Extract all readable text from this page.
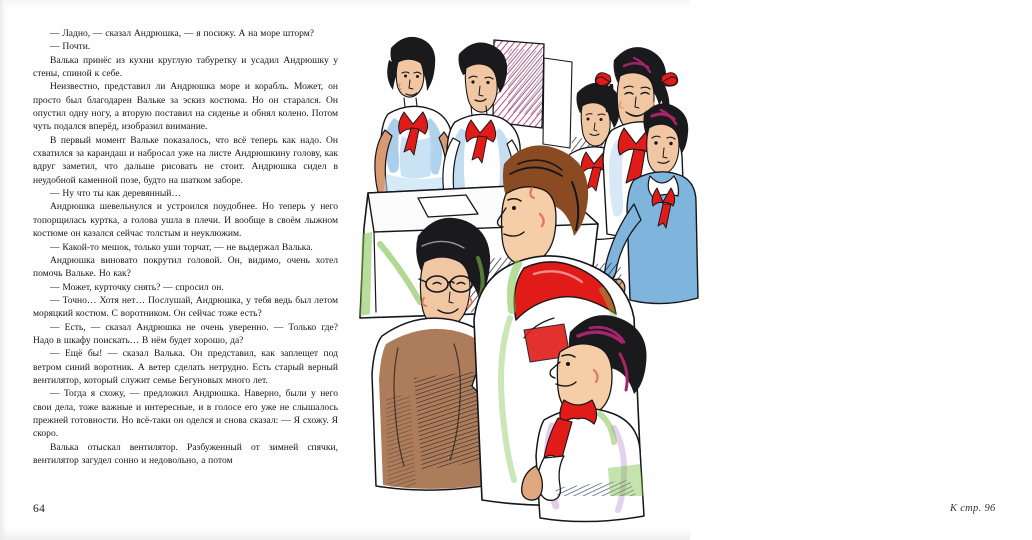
— Ладно, — сказал Андрюшка, — я посижу. А на море шторм?

— Почти.

Валька принёс из кухни круглую табуретку и усадил Андрюшку у стены, спиной к себе.

Неизвестно, представил ли Андрюшка море и корабль. Может, он просто был благодарен Вальке за эскиз костюма. Но он старался. Он опустил одну ногу, а вторую поставил на сиденье и обнял колено. Потом чуть подался вперёд, изобразил внимание.

В первый момент Вальке показалось, что всё теперь как надо. Он схватился за карандаш и набросал уже на листе Андрюшкину голову, как вдруг заметил, что дальше рисовать не стоит. Андрюшка сидел в неудобной каменной позе, будто на шатком заборе.

— Ну что ты как деревянный…

Андрюшка шевельнулся и устроился поудобнее. Но теперь у него топорщилась куртка, а голова ушла в плечи. И вообще в своём лыжном костюме он казался сейчас толстым и неуклюжим.

— Какой-то мешок, только уши торчат, — не выдержал Валька.

Андрюшка виновато покрутил головой. Он, видимо, очень хотел помочь Вальке. Но как?

— Может, курточку снять? — спросил он.

— Точно… Хотя нет… Послушай, Андрюшка, у тебя ведь был летом моряцкий костюм. С воротником. Он сейчас тоже есть?

— Есть, — сказал Андрюшка не очень уверенно. — Только где? Надо в шкафу поискать… В нём будет хорошо, да?

— Ещё бы! — сказал Валька. Он представил, как заплещет под ветром синий воротник. А ветер сделать нетрудно. Есть старый верный вентилятор, который служит семье Бегуновых много лет.

— Тогда я схожу, — предложил Андрюшка. Наверно, были у него свои дела, тоже важные и интересные, и в голосе его уже не слышалось прежней готовности. Но всё-таки он оделся и снова сказал: — Я схожу. Я скоро.

Валька отыскал вентилятор. Разбуженный от зимней спячки, вентилятор загудел сонно и недовольно, а потом

64	К стр. 96
